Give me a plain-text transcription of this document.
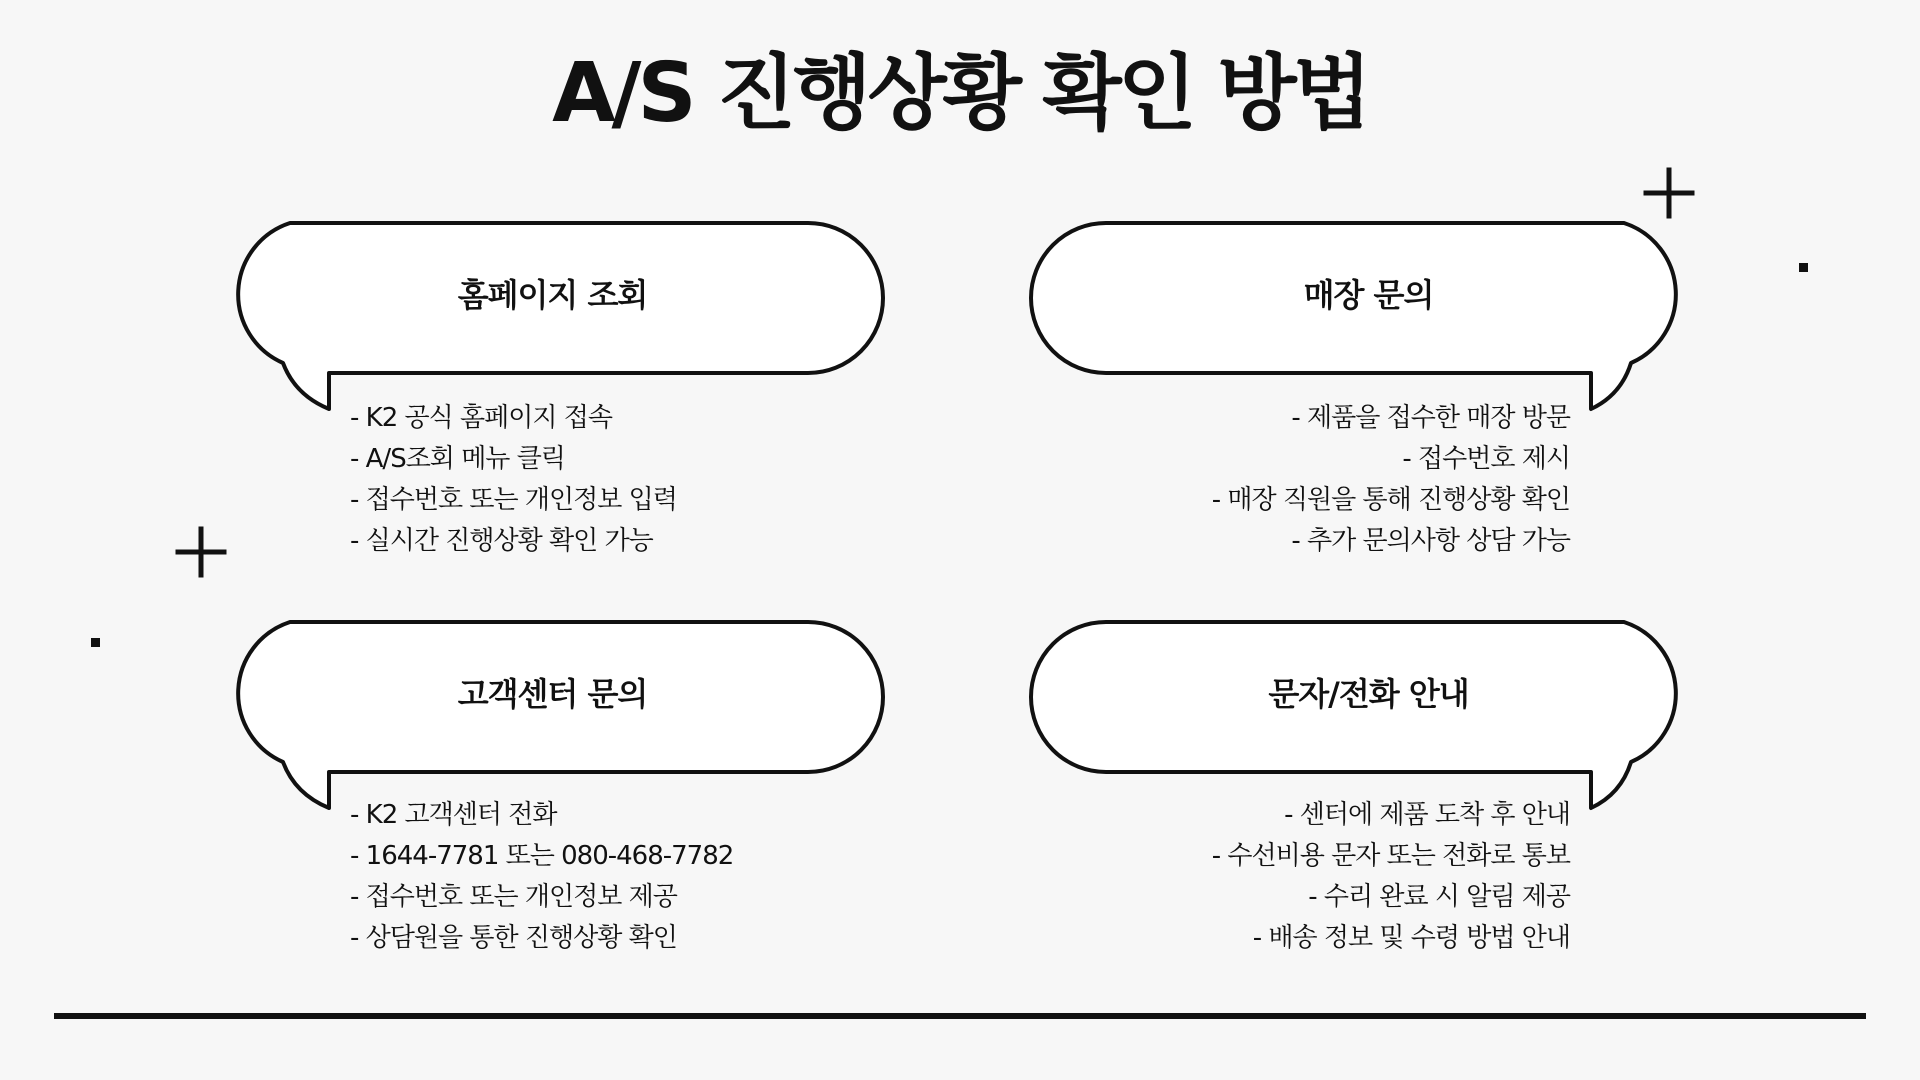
A/S 진행상황 확인 방법
홈페이지 조회
- K2 공식 홈페이지 접속
- A/S조회 메뉴 클릭
- 접수번호 또는 개인정보 입력
- 실시간 진행상황 확인 가능
매장 문의
- 제품을 접수한 매장 방문
- 접수번호 제시
- 매장 직원을 통해 진행상황 확인
- 추가 문의사항 상담 가능
고객센터 문의
- K2 고객센터 전화
- 1644-7781 또는 080-468-7782
- 접수번호 또는 개인정보 제공
- 상담원을 통한 진행상황 확인
문자/전화 안내
- 센터에 제품 도착 후 안내
- 수선비용 문자 또는 전화로 통보
- 수리 완료 시 알림 제공
- 배송 정보 및 수령 방법 안내
